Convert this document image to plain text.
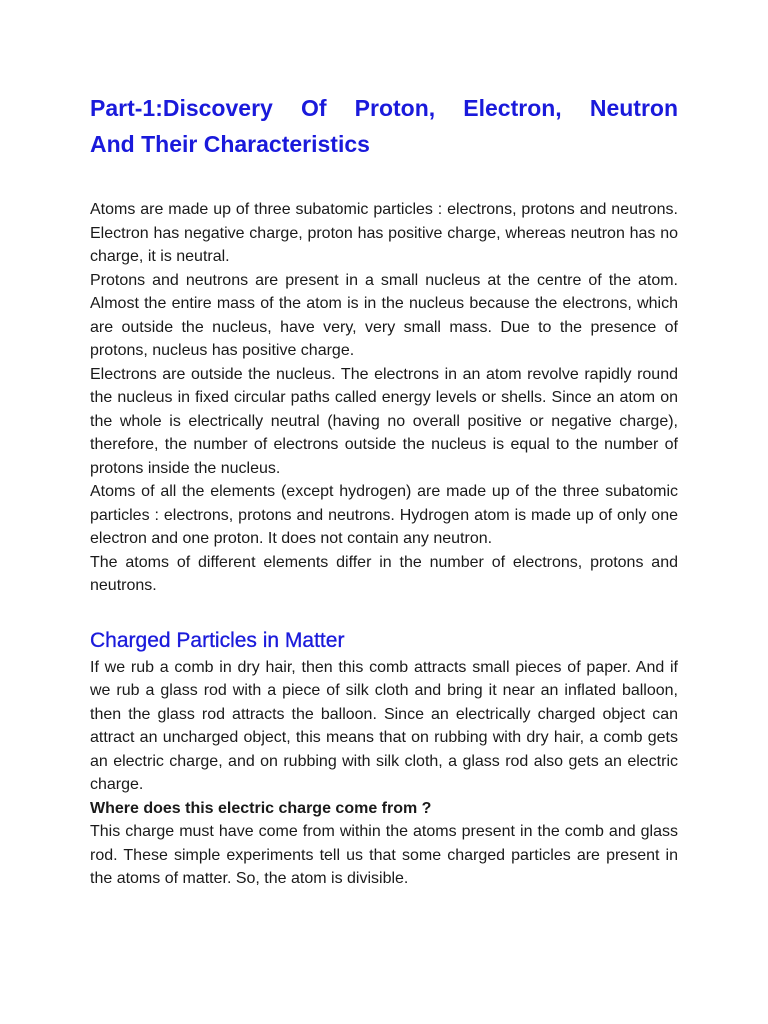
Part-1:Discovery Of Proton, Electron, Neutron
And Their Characteristics

Atoms are made up of three subatomic particles : electrons, protons and neutrons. Electron has negative charge, proton has positive charge, whereas neutron has no charge, it is neutral.

Protons and neutrons are present in a small nucleus at the centre of the atom. Almost the entire mass of the atom is in the nucleus because the electrons, which are outside the nucleus, have very, very small mass. Due to the presence of protons, nucleus has positive charge.

Electrons are outside the nucleus. The electrons in an atom revolve rapidly round the nucleus in fixed circular paths called energy levels or shells. Since an atom on the whole is electrically neutral (having no overall positive or negative charge), therefore, the number of electrons outside the nucleus is equal to the number of protons inside the nucleus.

Atoms of all the elements (except hydrogen) are made up of the three subatomic particles : electrons, protons and neutrons. Hydrogen atom is made up of only one electron and one proton. It does not contain any neutron.

The atoms of different elements differ in the number of electrons, protons and neutrons.

Charged Particles in Matter

If we rub a comb in dry hair, then this comb attracts small pieces of paper. And if we rub a glass rod with a piece of silk cloth and bring it near an inflated balloon, then the glass rod attracts the balloon. Since an electrically charged object can attract an uncharged object, this means that on rubbing with dry hair, a comb gets an electric charge, and on rubbing with silk cloth, a glass rod also gets an electric charge.

Where does this electric charge come from ?

This charge must have come from within the atoms present in the comb and glass rod. These simple experiments tell us that some charged particles are present in the atoms of matter. So, the atom is divisible.
